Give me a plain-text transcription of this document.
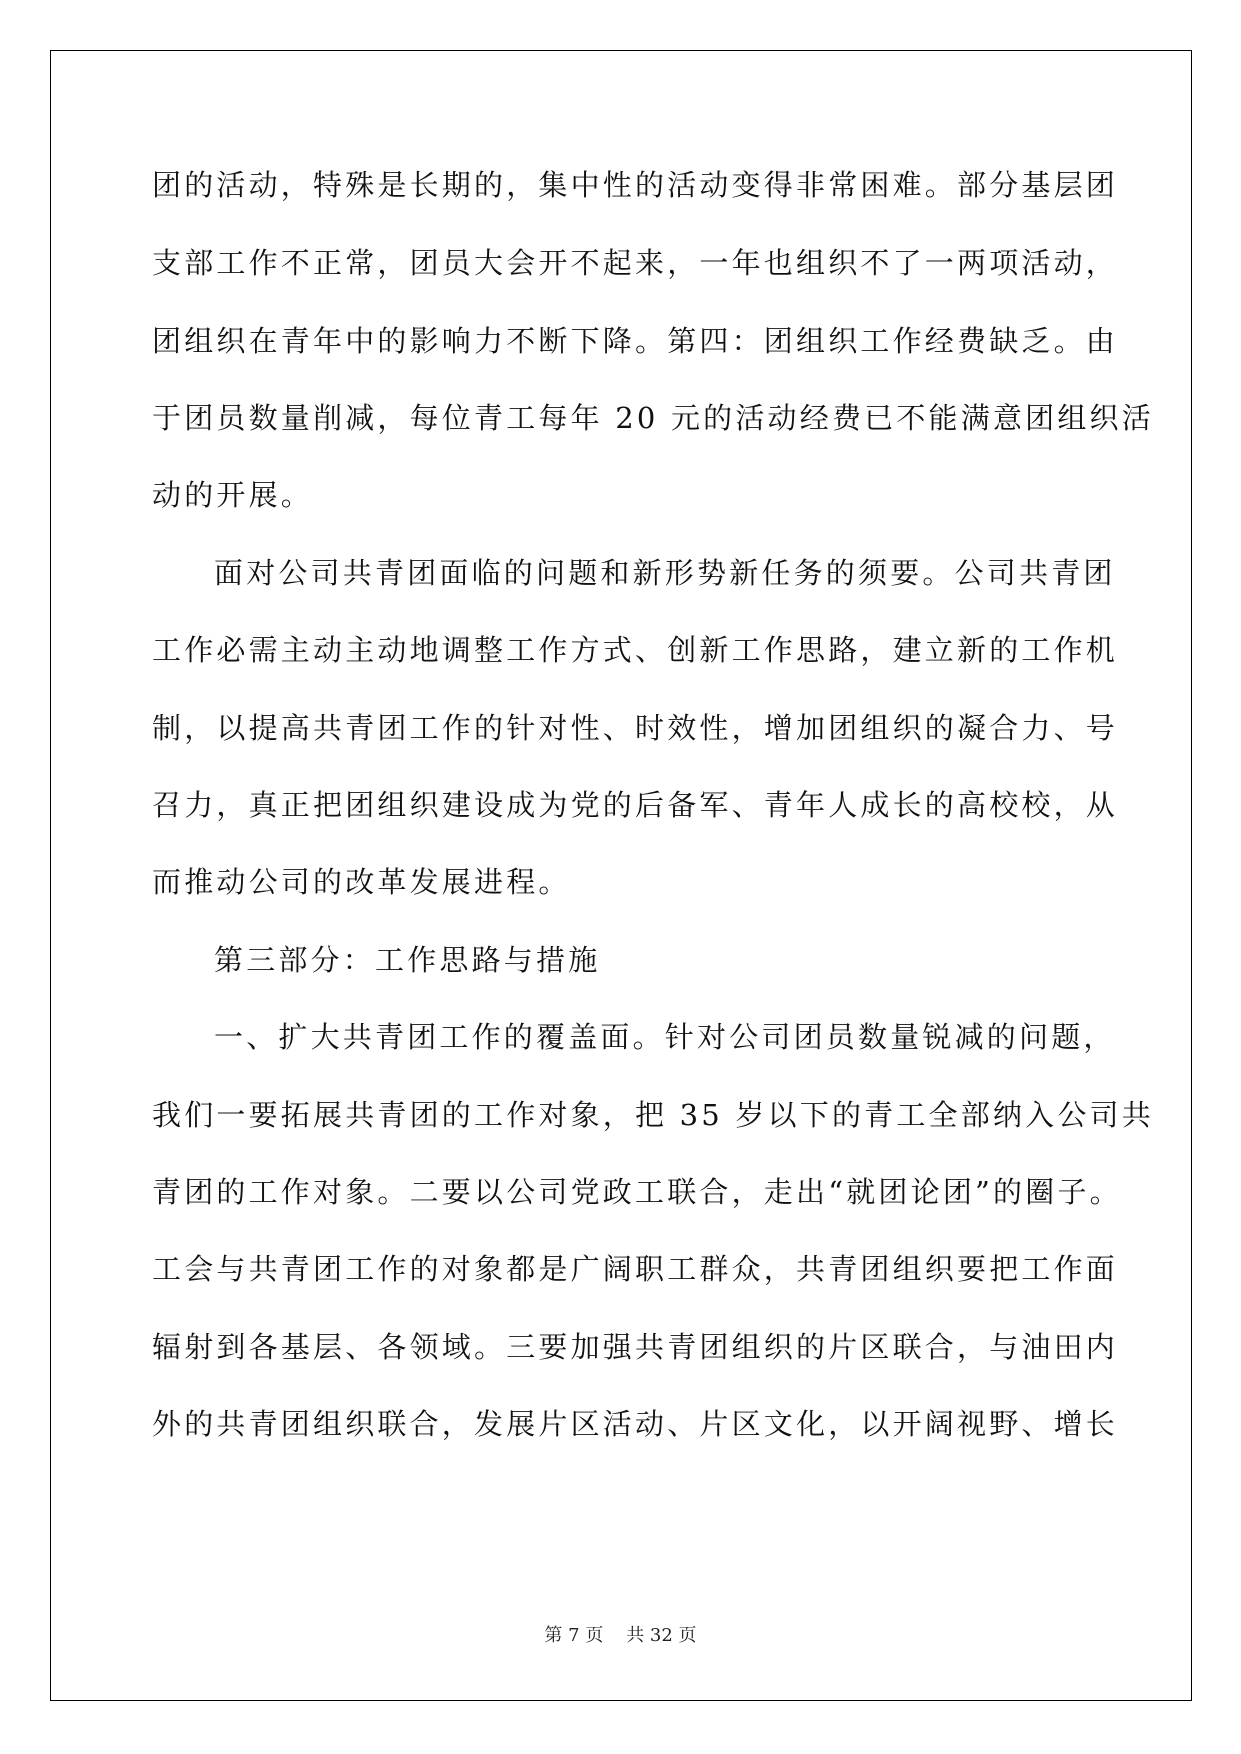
团的活动，特殊是长期的，集中性的活动变得非常困难。部分基层团
支部工作不正常，团员大会开不起来，一年也组织不了一两项活动，
团组织在青年中的影响力不断下降。第四：团组织工作经费缺乏。由
于团员数量削减，每位青工每年 20 元的活动经费已不能满意团组织活
动的开展。
面对公司共青团面临的问题和新形势新任务的须要。公司共青团
工作必需主动主动地调整工作方式、创新工作思路，建立新的工作机
制，以提高共青团工作的针对性、时效性，增加团组织的凝合力、号
召力，真正把团组织建设成为党的后备军、青年人成长的高校校，从
而推动公司的改革发展进程。
第三部分：工作思路与措施
一、扩大共青团工作的覆盖面。针对公司团员数量锐减的问题，
我们一要拓展共青团的工作对象，把 35 岁以下的青工全部纳入公司共
青团的工作对象。二要以公司党政工联合，走出“就团论团”的圈子。
工会与共青团工作的对象都是广阔职工群众，共青团组织要把工作面
辐射到各基层、各领域。三要加强共青团组织的片区联合，与油田内
外的共青团组织联合，发展片区活动、片区文化，以开阔视野、增长
第 7 页    共 32 页
